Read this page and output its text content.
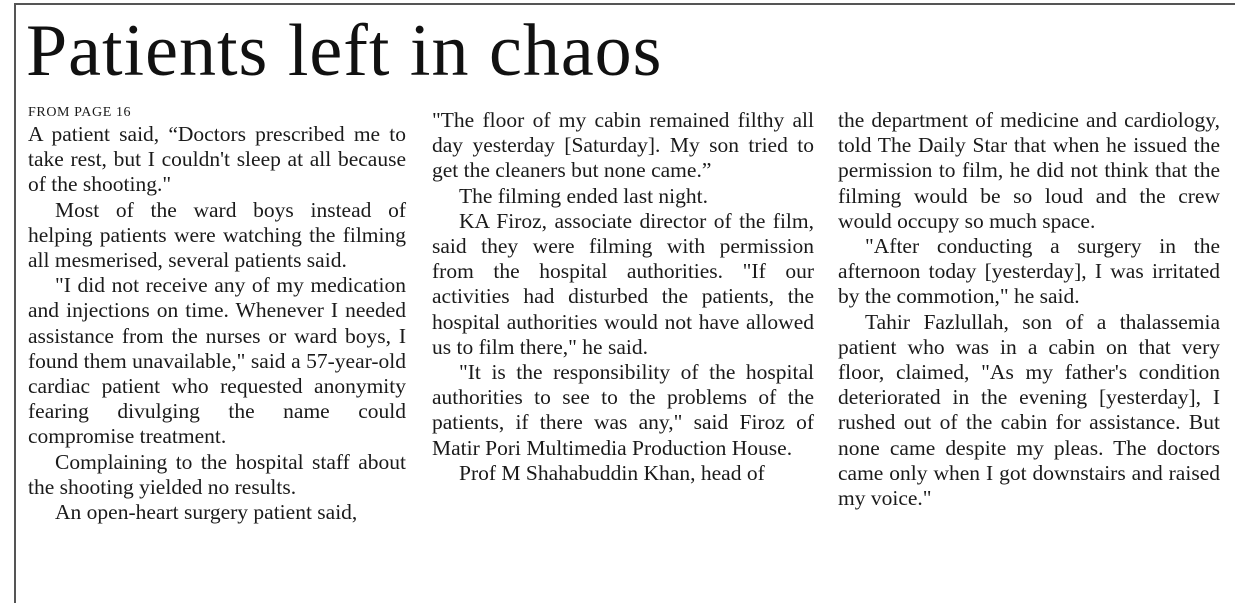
Patients left in chaos
FROM PAGE 16

A patient said, “Doctors prescribed me to take rest, but I couldn't sleep at all because of the shooting."

Most of the ward boys instead of helping patients were watching the filming all mesmerised, several patients said.

"I did not receive any of my medication and injections on time. Whenever I needed assistance from the nurses or ward boys, I found them unavailable," said a 57-year-old cardiac patient who requested anonymity fearing divulging the name could compromise treatment.

Complaining to the hospital staff about the shooting yielded no results.

An open-heart surgery patient said,

"The floor of my cabin remained filthy all day yesterday [Saturday]. My son tried to get the cleaners but none came.”

The filming ended last night.

KA Firoz, associate director of the film, said they were filming with permission from the hospital authorities. "If our activities had disturbed the patients, the hospital authorities would not have allowed us to film there," he said.

"It is the responsibility of the hospital authorities to see to the problems of the patients, if there was any," said Firoz of Matir Pori Multimedia Production House.

Prof M Shahabuddin Khan, head of

the department of medicine and cardiology, told The Daily Star that when he issued the permission to film, he did not think that the filming would be so loud and the crew would occupy so much space.

"After conducting a surgery in the afternoon today [yesterday], I was irritated by the commotion," he said.

Tahir Fazlullah, son of a thalassemia patient who was in a cabin on that very floor, claimed, "As my father's condition deteriorated in the evening [yesterday], I rushed out of the cabin for assistance. But none came despite my pleas. The doctors came only when I got downstairs and raised my voice."
